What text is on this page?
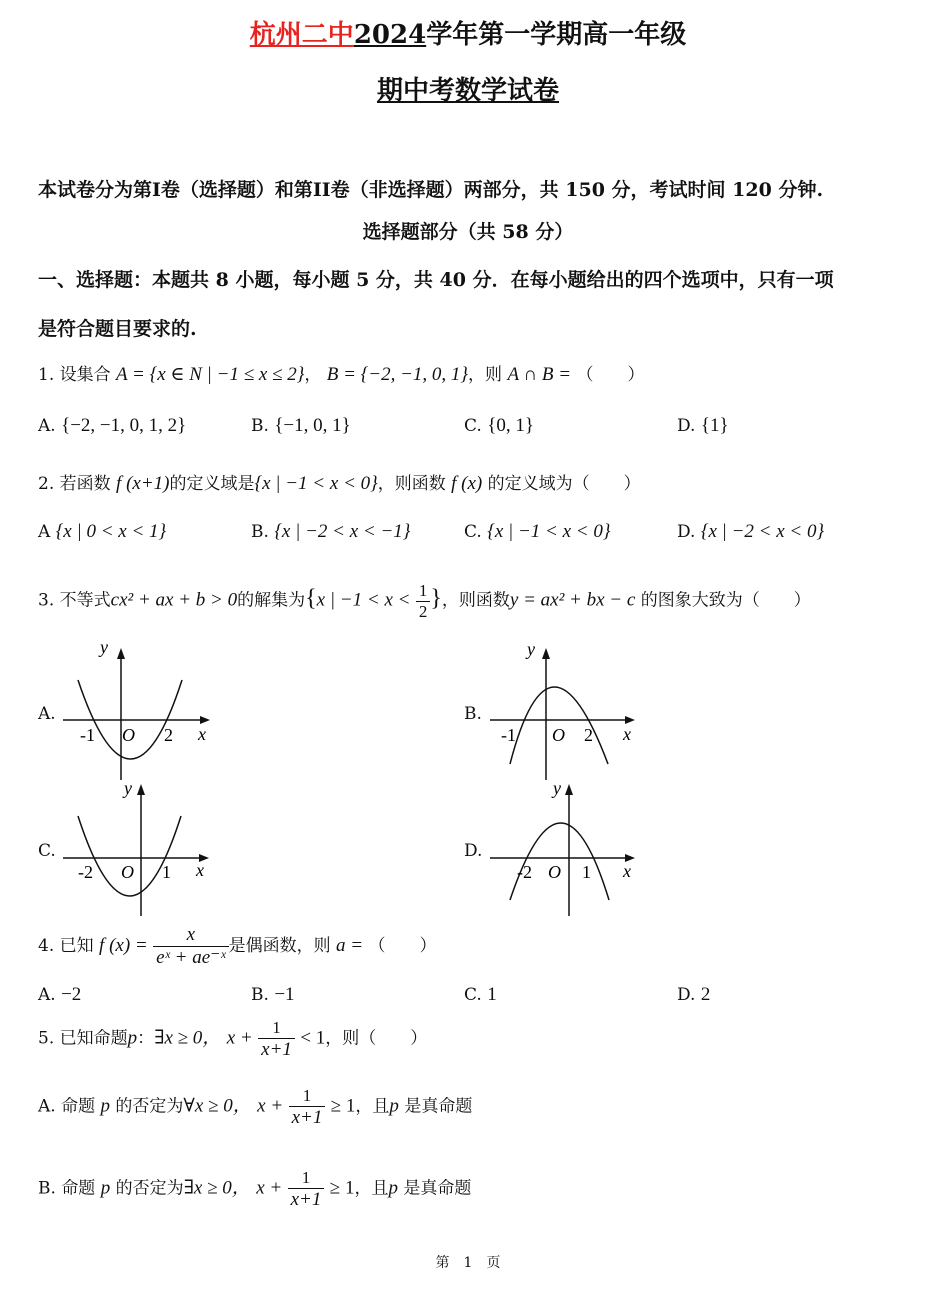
杭州二中2024学年第一学期高一年级
期中考数学试卷
本试卷分为第I卷（选择题）和第II卷（非选择题）两部分，共 150 分，考试时间 120 分钟.
选择题部分（共 58 分）
一、选择题：本题共 8 小题，每小题 5 分，共 40 分．在每小题给出的四个选项中，只有一项
是符合题目要求的.
1. 设集合 A = {x ∈ N | −1 ≤ x ≤ 2}， B = {−2, −1, 0, 1}，则 A ∩ B = （　　）
A. {−2, −1, 0, 1, 2}	B. {−1, 0, 1}	C. {0, 1}	D. {1}
2. 若函数 f (x+1)的定义域是{x | −1 < x < 0}，则函数 f (x) 的定义域为（　　）
A {x | 0 < x < 1}	B. {x | −2 < x < −1}	C. {x | −1 < x < 0}	D. {x | −2 < x < 0}
3. 不等式cx² + ax + b > 0的解集为{x | $-1 < x < \frac{1}{2}$ }，则函数y = ax² + bx − c 的图象大致为（　　）
A.
y
x
-1 O 2
B.
y
x
-1 O 2
C.
y
x
-2 O 1
D.
y
x
-2 O 1
4. 已知 f $(x) = \frac{x}{\text{eˣ + ae⁻ˣ}}$ 是偶函数，则 a = （　　）
A. −2	B. −1	C. 1	D. 2
5. 已知命题p：∃x ≥ 0， $x + \frac{1}{x+1} < 1$，则（　　）
A. 命题 p 的否定为∀x ≥ 0， $x + \frac{1}{x+1} \ge 1$，且p 是真命题
B. 命题 p 的否定为∃x ≥ 0， $x + \frac{1}{x+1} \ge 1$，且p 是真命题
第　1　页
